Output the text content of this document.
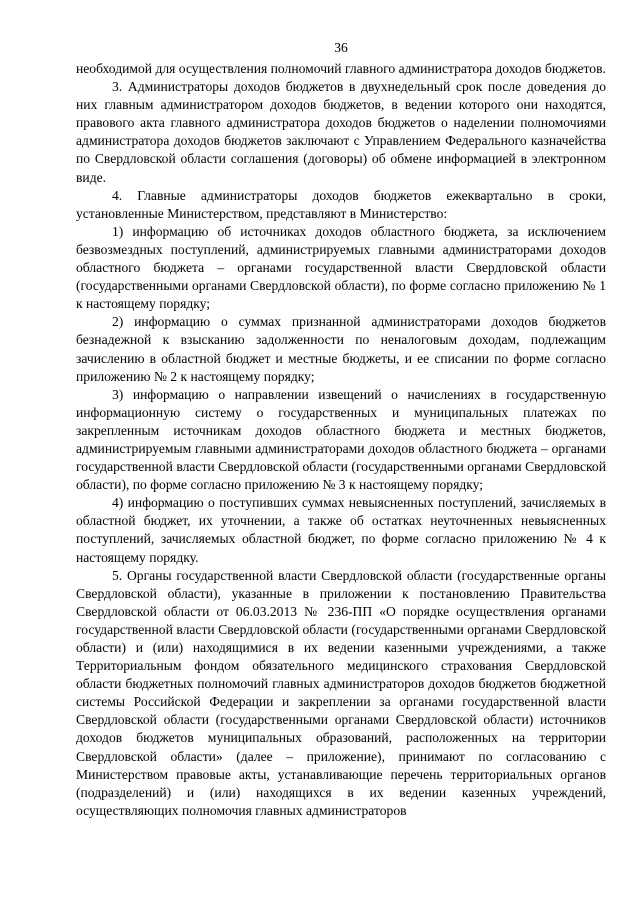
36

необходимой для осуществления полномочий главного администратора доходов бюджетов.

3. Администраторы доходов бюджетов в двухнедельный срок после доведения до них главным администратором доходов бюджетов, в ведении которого они находятся, правового акта главного администратора доходов бюджетов о наделении полномочиями администратора доходов бюджетов заключают с Управлением Федерального казначейства по Свердловской области соглашения (договоры) об обмене информацией в электронном виде.

4. Главные администраторы доходов бюджетов ежеквартально в сроки, установленные Министерством, представляют в Министерство:

1) информацию об источниках доходов областного бюджета, за исключением безвозмездных поступлений, администрируемых главными администраторами доходов областного бюджета – органами государственной власти Свердловской области (государственными органами Свердловской области), по форме согласно приложению № 1 к настоящему порядку;

2) информацию о суммах признанной администраторами доходов бюджетов безнадежной к взысканию задолженности по неналоговым доходам, подлежащим зачислению в областной бюджет и местные бюджеты, и ее списании по форме согласно приложению № 2 к настоящему порядку;

3) информацию о направлении извещений о начислениях в государственную информационную систему о государственных и муниципальных платежах по закрепленным источникам доходов областного бюджета и местных бюджетов, администрируемым главными администраторами доходов областного бюджета – органами государственной власти Свердловской области (государственными органами Свердловской области), по форме согласно приложению № 3 к настоящему порядку;

4) информацию о поступивших суммах невыясненных поступлений, зачисляемых в областной бюджет, их уточнении, а также об остатках неуточненных невыясненных поступлений, зачисляемых областной бюджет, по форме согласно приложению № 4 к настоящему порядку.

5. Органы государственной власти Свердловской области (государственные органы Свердловской области), указанные в приложении к постановлению Правительства Свердловской области от 06.03.2013 № 236-ПП «О порядке осуществления органами государственной власти Свердловской области (государственными органами Свердловской области) и (или) находящимися в их ведении казенными учреждениями, а также Территориальным фондом обязательного медицинского страхования Свердловской области бюджетных полномочий главных администраторов доходов бюджетов бюджетной системы Российской Федерации и закреплении за органами государственной власти Свердловской области (государственными органами Свердловской области) источников доходов бюджетов муниципальных образований, расположенных на территории Свердловской области» (далее – приложение), принимают по согласованию с Министерством правовые акты, устанавливающие перечень территориальных органов (подразделений) и (или) находящихся в их ведении казенных учреждений, осуществляющих полномочия главных администраторов
